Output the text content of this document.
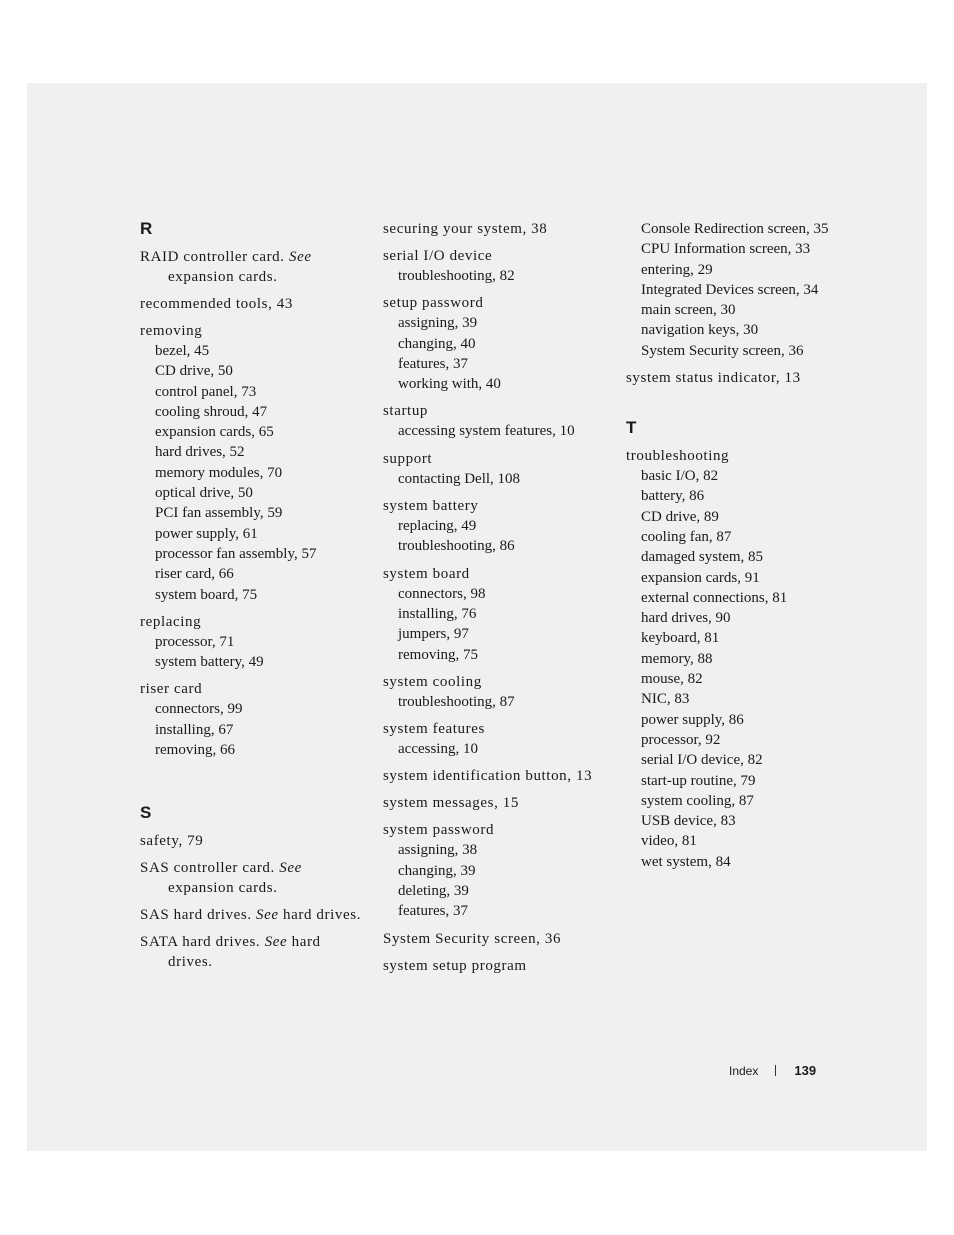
R
RAID controller card. See expansion cards.
recommended tools, 43
removing
bezel, 45
CD drive, 50
control panel, 73
cooling shroud, 47
expansion cards, 65
hard drives, 52
memory modules, 70
optical drive, 50
PCI fan assembly, 59
power supply, 61
processor fan assembly, 57
riser card, 66
system board, 75
replacing
processor, 71
system battery, 49
riser card
connectors, 99
installing, 67
removing, 66
S
safety, 79
SAS controller card. See expansion cards.
SAS hard drives. See hard drives.
SATA hard drives. See hard drives.
securing your system, 38
serial I/O device
troubleshooting, 82
setup password
assigning, 39
changing, 40
features, 37
working with, 40
startup
accessing system features, 10
support
contacting Dell, 108
system battery
replacing, 49
troubleshooting, 86
system board
connectors, 98
installing, 76
jumpers, 97
removing, 75
system cooling
troubleshooting, 87
system features
accessing, 10
system identification button, 13
system messages, 15
system password
assigning, 38
changing, 39
deleting, 39
features, 37
System Security screen, 36
system setup program
Console Redirection screen, 35
CPU Information screen, 33
entering, 29
Integrated Devices screen, 34
main screen, 30
navigation keys, 30
System Security screen, 36
system status indicator, 13
T
troubleshooting
basic I/O, 82
battery, 86
CD drive, 89
cooling fan, 87
damaged system, 85
expansion cards, 91
external connections, 81
hard drives, 90
keyboard, 81
memory, 88
mouse, 82
NIC, 83
power supply, 86
processor, 92
serial I/O device, 82
start-up routine, 79
system cooling, 87
USB device, 83
video, 81
wet system, 84
Index	139
